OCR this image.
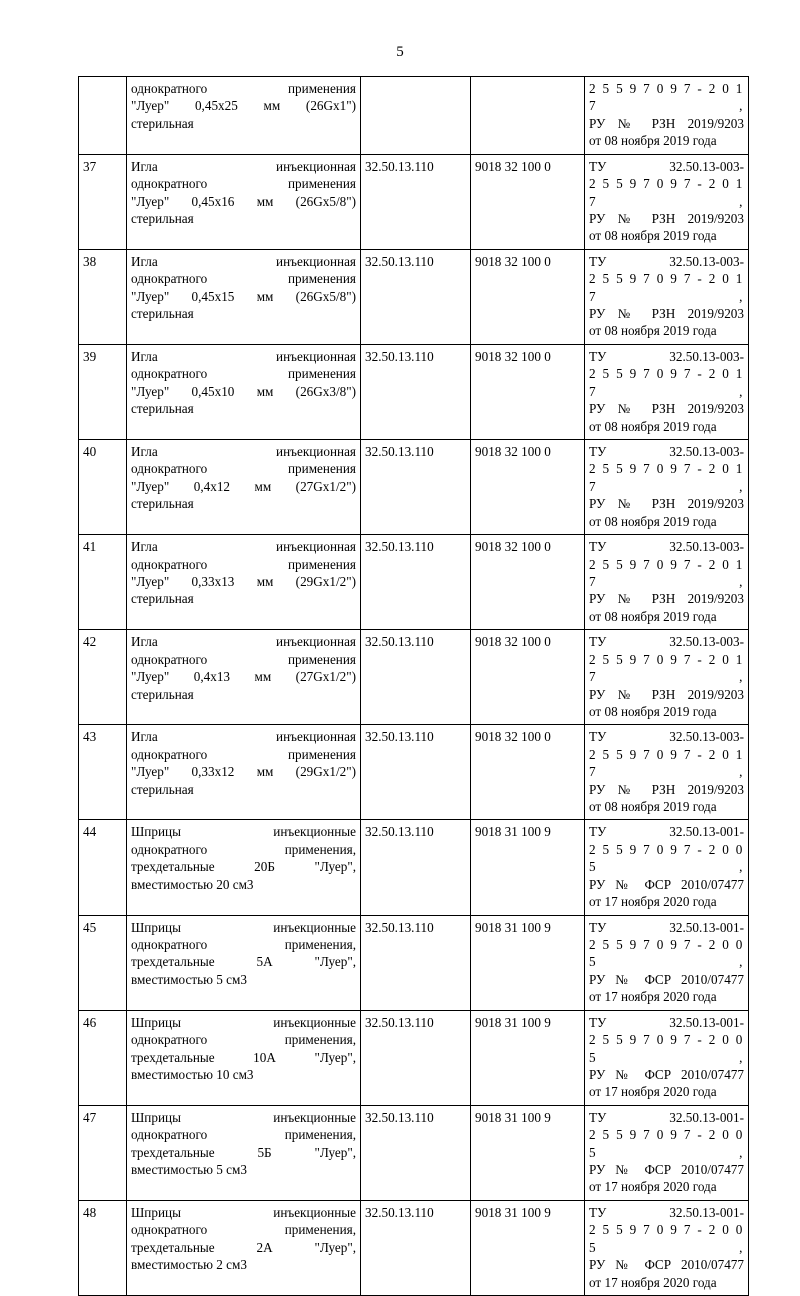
5

	однократного применения
"Луер" 0,45х25 мм (26Gx1")
стерильная			2 5 5 9 7 0 9 7 - 2 0 1 7 ,
РУ № РЗН 2019/9203
от 08 ноября 2019 года

37	Игла инъекционная
однократного применения
"Луер" 0,45х16 мм (26Gx5/8")
стерильная	32.50.13.110	9018 32 100 0	ТУ 32.50.13-003-
2 5 5 9 7 0 9 7 - 2 0 1 7 ,
РУ № РЗН 2019/9203
от 08 ноября 2019 года

38	Игла инъекционная
однократного применения
"Луер" 0,45х15 мм (26Gx5/8")
стерильная	32.50.13.110	9018 32 100 0	ТУ 32.50.13-003-
2 5 5 9 7 0 9 7 - 2 0 1 7 ,
РУ № РЗН 2019/9203
от 08 ноября 2019 года

39	Игла инъекционная
однократного применения
"Луер" 0,45х10 мм (26Gx3/8")
стерильная	32.50.13.110	9018 32 100 0	ТУ 32.50.13-003-
2 5 5 9 7 0 9 7 - 2 0 1 7 ,
РУ № РЗН 2019/9203
от 08 ноября 2019 года

40	Игла инъекционная
однократного применения
"Луер" 0,4х12 мм (27Gx1/2")
стерильная	32.50.13.110	9018 32 100 0	ТУ 32.50.13-003-
2 5 5 9 7 0 9 7 - 2 0 1 7 ,
РУ № РЗН 2019/9203
от 08 ноября 2019 года

41	Игла инъекционная
однократного применения
"Луер" 0,33х13 мм (29Gx1/2")
стерильная	32.50.13.110	9018 32 100 0	ТУ 32.50.13-003-
2 5 5 9 7 0 9 7 - 2 0 1 7 ,
РУ № РЗН 2019/9203
от 08 ноября 2019 года

42	Игла инъекционная
однократного применения
"Луер" 0,4х13 мм (27Gx1/2")
стерильная	32.50.13.110	9018 32 100 0	ТУ 32.50.13-003-
2 5 5 9 7 0 9 7 - 2 0 1 7 ,
РУ № РЗН 2019/9203
от 08 ноября 2019 года

43	Игла инъекционная
однократного применения
"Луер" 0,33х12 мм (29Gx1/2")
стерильная	32.50.13.110	9018 32 100 0	ТУ 32.50.13-003-
2 5 5 9 7 0 9 7 - 2 0 1 7 ,
РУ № РЗН 2019/9203
от 08 ноября 2019 года

44	Шприцы инъекционные
однократного применения,
трехдетальные 20Б "Луер",
вместимостью 20 см3	32.50.13.110	9018 31 100 9	ТУ 32.50.13-001-
2 5 5 9 7 0 9 7 - 2 0 0 5 ,
РУ № ФСР 2010/07477
от 17 ноября 2020 года

45	Шприцы инъекционные
однократного применения,
трехдетальные 5А "Луер",
вместимостью 5 см3	32.50.13.110	9018 31 100 9	ТУ 32.50.13-001-
2 5 5 9 7 0 9 7 - 2 0 0 5 ,
РУ № ФСР 2010/07477
от 17 ноября 2020 года

46	Шприцы инъекционные
однократного применения,
трехдетальные 10А "Луер",
вместимостью 10 см3	32.50.13.110	9018 31 100 9	ТУ 32.50.13-001-
2 5 5 9 7 0 9 7 - 2 0 0 5 ,
РУ № ФСР 2010/07477
от 17 ноября 2020 года

47	Шприцы инъекционные
однократного применения,
трехдетальные 5Б "Луер",
вместимостью 5 см3	32.50.13.110	9018 31 100 9	ТУ 32.50.13-001-
2 5 5 9 7 0 9 7 - 2 0 0 5 ,
РУ № ФСР 2010/07477
от 17 ноября 2020 года

48	Шприцы инъекционные
однократного применения,
трехдетальные 2А "Луер",
вместимостью 2 см3	32.50.13.110	9018 31 100 9	ТУ 32.50.13-001-
2 5 5 9 7 0 9 7 - 2 0 0 5 ,
РУ № ФСР 2010/07477
от 17 ноября 2020 года
